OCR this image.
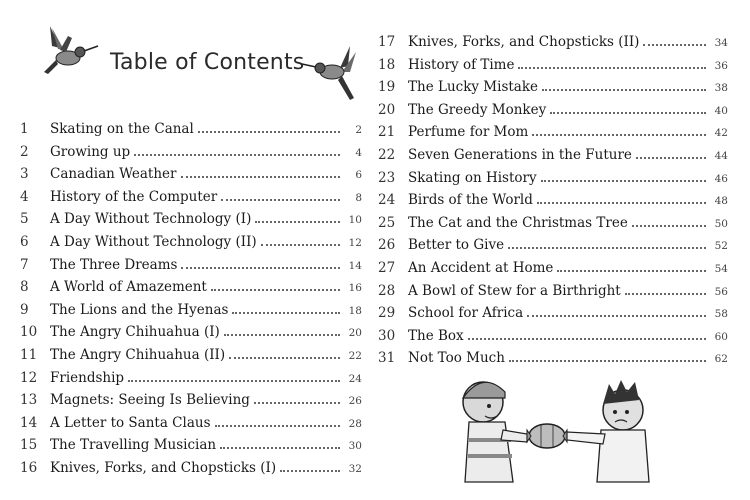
Table of Contents
1	Skating on the Canal	2
2	Growing up	4
3	Canadian Weather	6
4	History of the Computer	8
5	A Day Without Technology (I)	10
6	A Day Without Technology (II)	12
7	The Three Dreams	14
8	A World of Amazement	16
9	The Lions and the Hyenas	18
10 The Angry Chihuahua (I)	20
11 The Angry Chihuahua (II)	22
12 Friendship	24
13 Magnets: Seeing Is Believing	26
14 A Letter to Santa Claus	28
15 The Travelling Musician	30
16 Knives, Forks, and Chopsticks (I)	32
17 Knives, Forks, and Chopsticks (II)	34
18 History of Time	36
19 The Lucky Mistake	38
20 The Greedy Monkey	40
21 Perfume for Mom	42
22 Seven Generations in the Future	44
23 Skating on History	46
24 Birds of the World	48
25 The Cat and the Christmas Tree	50
26 Better to Give	52
27 An Accident at Home	54
28 A Bowl of Stew for a Birthright	56
29 School for Africa	58
30 The Box	60
31 Not Too Much	62
